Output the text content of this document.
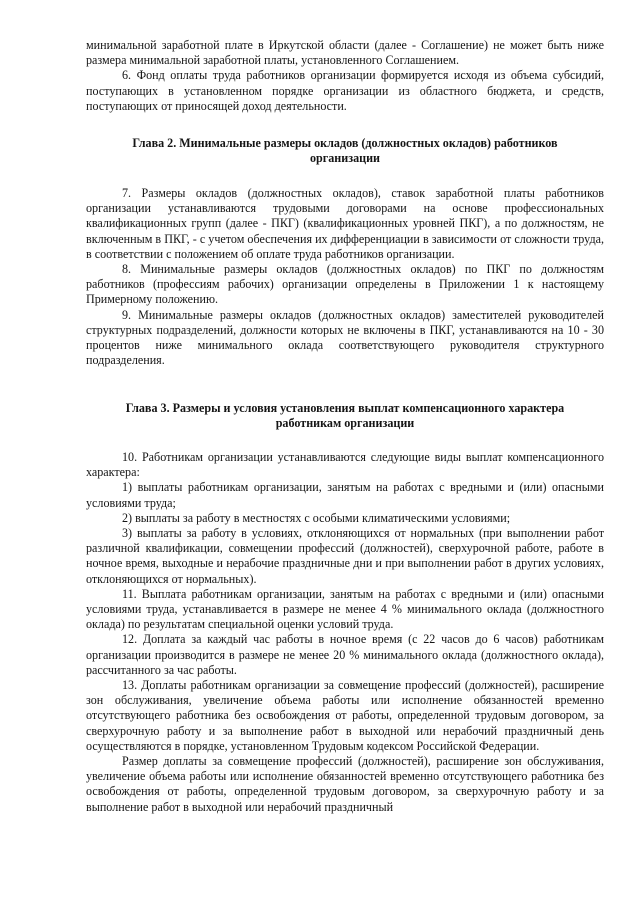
минимальной заработной плате в Иркутской области (далее - Соглашение) не может быть ниже размера минимальной заработной платы, установленного Соглашением.

6. Фонд оплаты труда работников организации формируется исходя из объема субсидий, поступающих в установленном порядке организации из областного бюджета, и средств, поступающих от приносящей доход деятельности.

Глава 2. Минимальные размеры окладов (должностных окладов) работников
организации

7. Размеры окладов (должностных окладов), ставок заработной платы работников организации устанавливаются трудовыми договорами на основе профессиональных квалификационных групп (далее - ПКГ) (квалификационных уровней ПКГ), а по должностям, не включенным в ПКГ, - с учетом обеспечения их дифференциации в зависимости от сложности труда, в соответствии с положением об оплате труда работников организации.

8. Минимальные размеры окладов (должностных окладов) по ПКГ по должностям работников (профессиям рабочих) организации определены в Приложении 1 к настоящему Примерному положению.

9. Минимальные размеры окладов (должностных окладов) заместителей руководителей структурных подразделений, должности которых не включены в ПКГ, устанавливаются на 10 - 30 процентов ниже минимального оклада соответствующего руководителя структурного подразделения.

Глава 3. Размеры и условия установления выплат компенсационного характера
работникам организации

10. Работникам организации устанавливаются следующие виды выплат компенсационного характера:

1) выплаты работникам организации, занятым на работах с вредными и (или) опасными условиями труда;

2) выплаты за работу в местностях с особыми климатическими условиями;

3) выплаты за работу в условиях, отклоняющихся от нормальных (при выполнении работ различной квалификации, совмещении профессий (должностей), сверхурочной работе, работе в ночное время, выходные и нерабочие праздничные дни и при выполнении работ в других условиях, отклоняющихся от нормальных).

11. Выплата работникам организации, занятым на работах с вредными и (или) опасными условиями труда, устанавливается в размере не менее 4 % минимального оклада (должностного оклада) по результатам специальной оценки условий труда.

12. Доплата за каждый час работы в ночное время (с 22 часов до 6 часов) работникам организации производится в размере не менее 20 % минимального оклада (должностного оклада), рассчитанного за час работы.

13. Доплаты работникам организации за совмещение профессий (должностей), расширение зон обслуживания, увеличение объема работы или исполнение обязанностей временно отсутствующего работника без освобождения от работы, определенной трудовым договором, за сверхурочную работу и за выполнение работ в выходной или нерабочий праздничный день осуществляются в порядке, установленном Трудовым кодексом Российской Федерации.

Размер доплаты за совмещение профессий (должностей), расширение зон обслуживания, увеличение объема работы или исполнение обязанностей временно отсутствующего работника без освобождения от работы, определенной трудовым договором, за сверхурочную работу и за выполнение работ в выходной или нерабочий праздничный
